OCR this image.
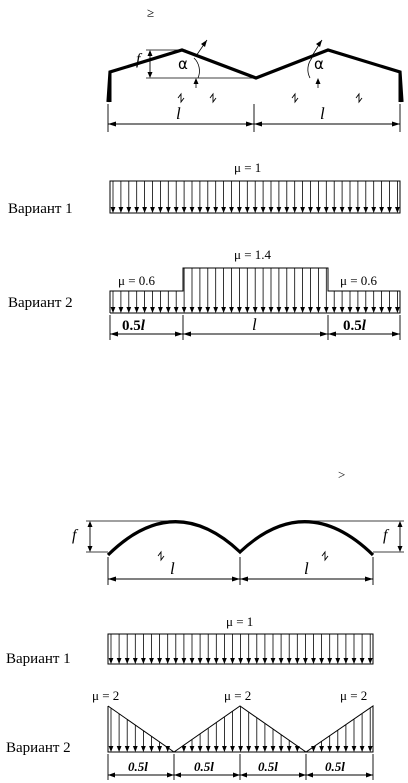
≥
f	α	α
l	l
Вариант 1
μ = 1
Вариант 2
μ = 0.6
μ = 1.4
μ = 0.6
0.5l	l	0.5l
>
f	f
l	l
Вариант 1
μ = 1
Вариант 2
μ = 2	μ = 2	μ = 2
0.5l	0.5l	0.5l	0.5l
